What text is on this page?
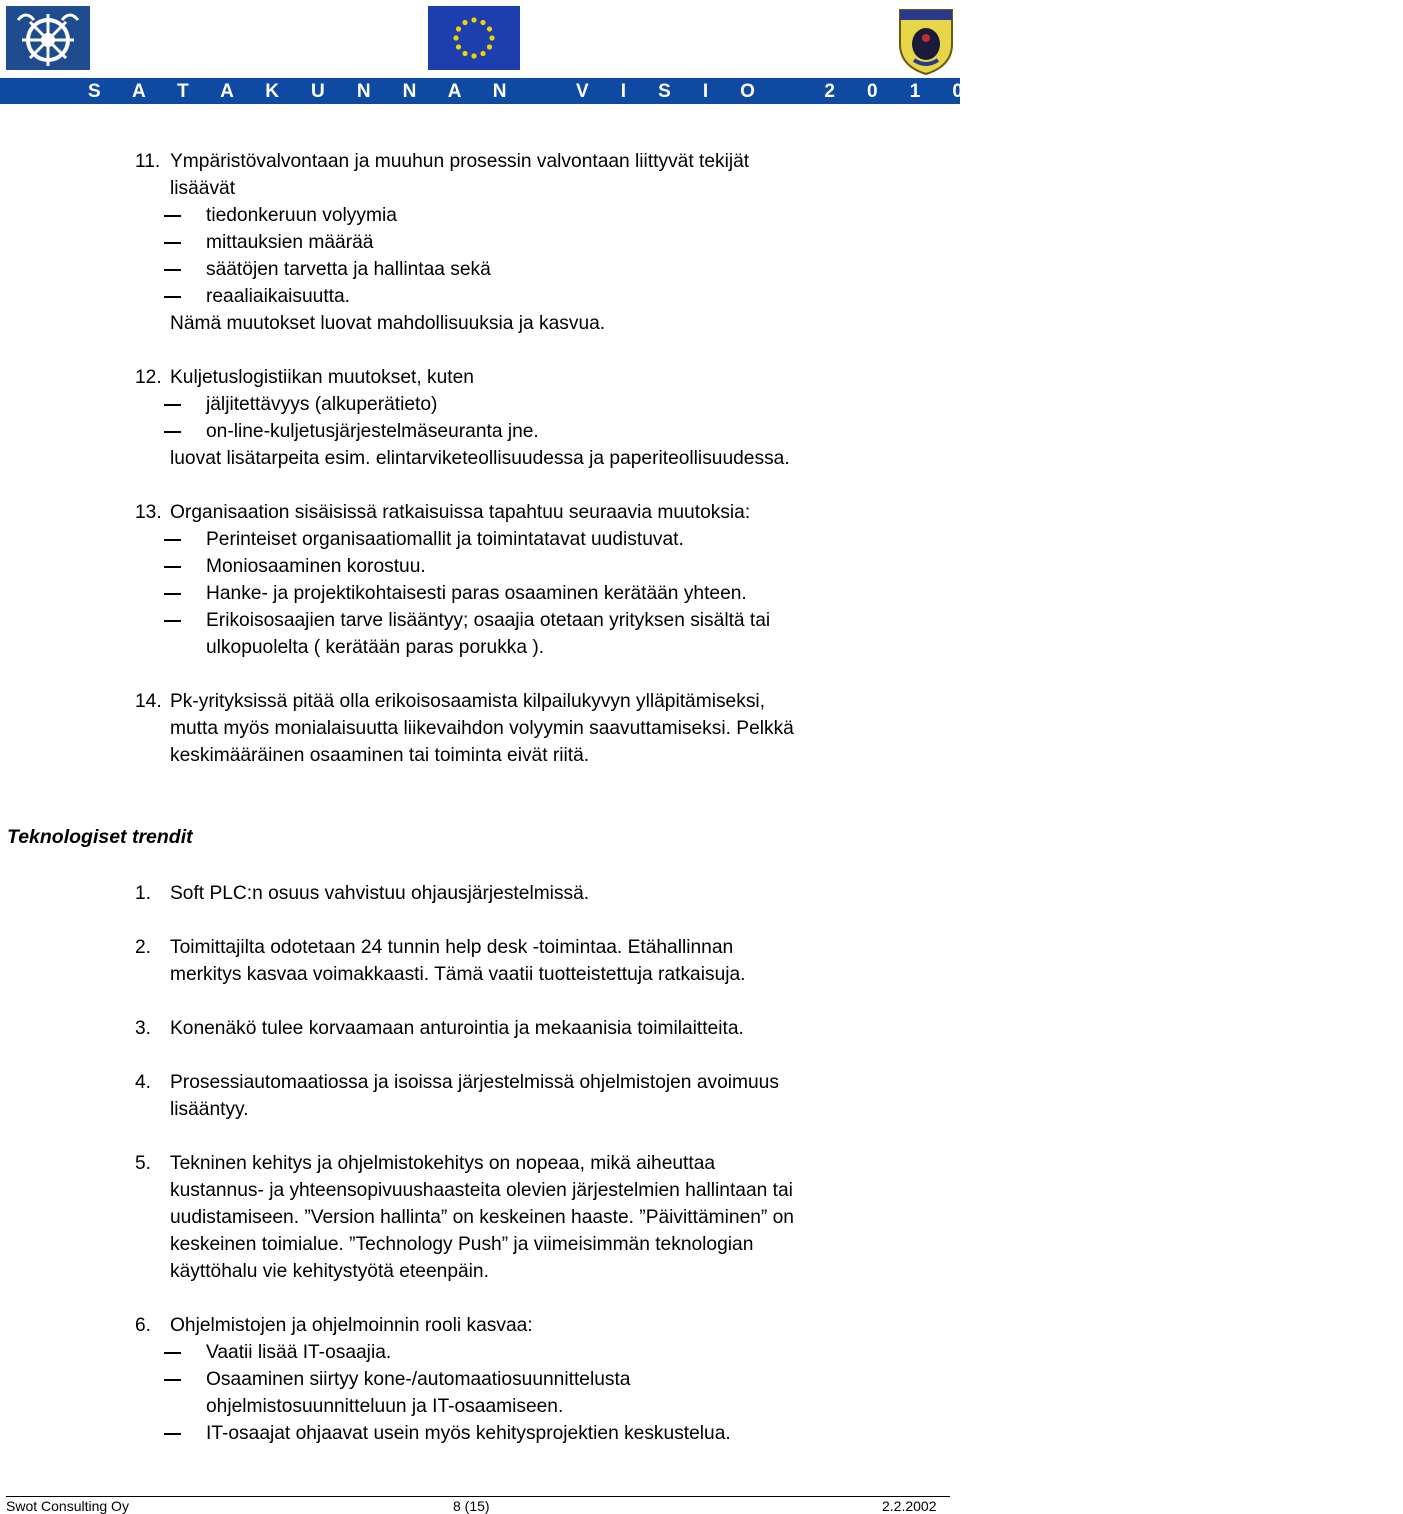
S A T A K U N N A N   V I S I O   2 0 1 0   - P R O J E K T I
11. Ympäristövalvontaan ja muuhun prosessin valvontaan liittyvät tekijät
lisäävät
tiedonkeruun volyymia
mittauksien määrää
säätöjen tarvetta ja hallintaa sekä
reaaliaikaisuutta.
Nämä muutokset luovat mahdollisuuksia ja kasvua.
12. Kuljetuslogistiikan muutokset, kuten
jäljitettävyys (alkuperätieto)
on-line-kuljetusjärjestelmäseuranta jne.
luovat lisätarpeita esim. elintarviketeollisuudessa ja paperiteollisuudessa.
13. Organisaation sisäisissä ratkaisuissa tapahtuu seuraavia muutoksia:
Perinteiset organisaatiomallit ja toimintatavat uudistuvat.
Moniosaaminen korostuu.
Hanke- ja projektikohtaisesti paras osaaminen kerätään yhteen.
Erikoisosaajien tarve lisääntyy; osaajia otetaan yrityksen sisältä tai
ulkopuolelta ( kerätään paras porukka ).
14. Pk-yrityksissä pitää olla erikoisosaamista kilpailukyvyn ylläpitämiseksi,
mutta myös monialaisuutta liikevaihdon volyymin saavuttamiseksi. Pelkkä
keskimääräinen osaaminen tai toiminta eivät riitä.
Teknologiset trendit
1. Soft PLC:n osuus vahvistuu ohjausjärjestelmissä.
2. Toimittajilta odotetaan 24 tunnin help desk -toimintaa. Etähallinnan
merkitys kasvaa voimakkaasti. Tämä vaatii tuotteistettuja ratkaisuja.
3. Konenäkö tulee korvaamaan anturointia ja mekaanisia toimilaitteita.
4. Prosessiautomaatiossa ja isoissa järjestelmissä ohjelmistojen avoimuus
lisääntyy.
5. Tekninen kehitys ja ohjelmistokehitys on nopeaa, mikä aiheuttaa
kustannus- ja yhteensopivuushaasteita olevien järjestelmien hallintaan tai
uudistamiseen. ”Version hallinta” on keskeinen haaste. ”Päivittäminen” on
keskeinen toimialue. ”Technology Push” ja viimeisimmän teknologian
käyttöhalu vie kehitystyötä eteenpäin.
6. Ohjelmistojen ja ohjelmoinnin rooli kasvaa:
Vaatii lisää IT-osaajia.
Osaaminen siirtyy kone-/automaatiosuunnittelusta
ohjelmistosuunnitteluun ja IT-osaamiseen.
IT-osaajat ohjaavat usein myös kehitysprojektien keskustelua.
Swot Consulting Oy	8 (15)	2.2.2002
